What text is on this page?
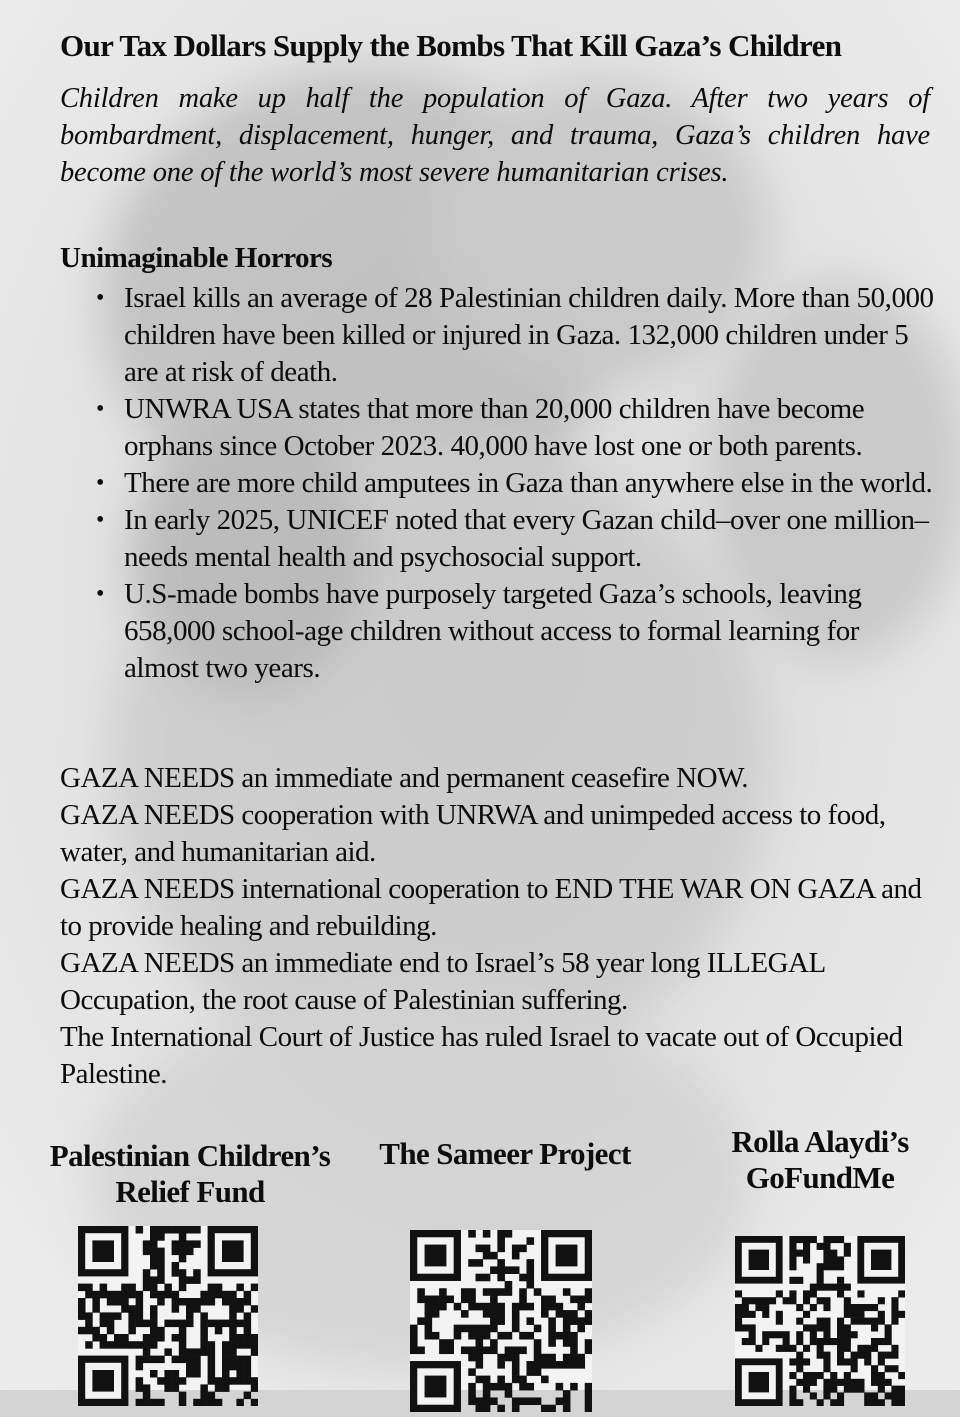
Our Tax Dollars Supply the Bombs That Kill Gaza’s Children

Children make up half the population of Gaza. After two years of bombardment, displacement, hunger, and trauma, Gaza’s children have become one of the world’s most severe humanitarian crises.

Unimaginable Horrors
• Israel kills an average of 28 Palestinian children daily. More than 50,000 children have been killed or injured in Gaza. 132,000 children under 5 are at risk of death.
• UNWRA USA states that more than 20,000 children have become orphans since October 2023. 40,000 have lost one or both parents.
• There are more child amputees in Gaza than anywhere else in the world.
• In early 2025, UNICEF noted that every Gazan child–over one million–needs mental health and psychosocial support.
• U.S-made bombs have purposely targeted Gaza’s schools, leaving 658,000 school-age children without access to formal learning for almost two years.

GAZA NEEDS an immediate and permanent ceasefire NOW.

GAZA NEEDS cooperation with UNRWA and unimpeded access to food, water, and humanitarian aid.

GAZA NEEDS international cooperation to END THE WAR ON GAZA and to provide healing and rebuilding.

GAZA NEEDS an immediate end to Israel’s 58 year long ILLEGAL Occupation, the root cause of Palestinian suffering.

The International Court of Justice has ruled Israel to vacate out of Occupied Palestine.

Palestinian Children’s
Relief Fund
The Sameer Project	Rolla Alaydi’s
GoFundMe
